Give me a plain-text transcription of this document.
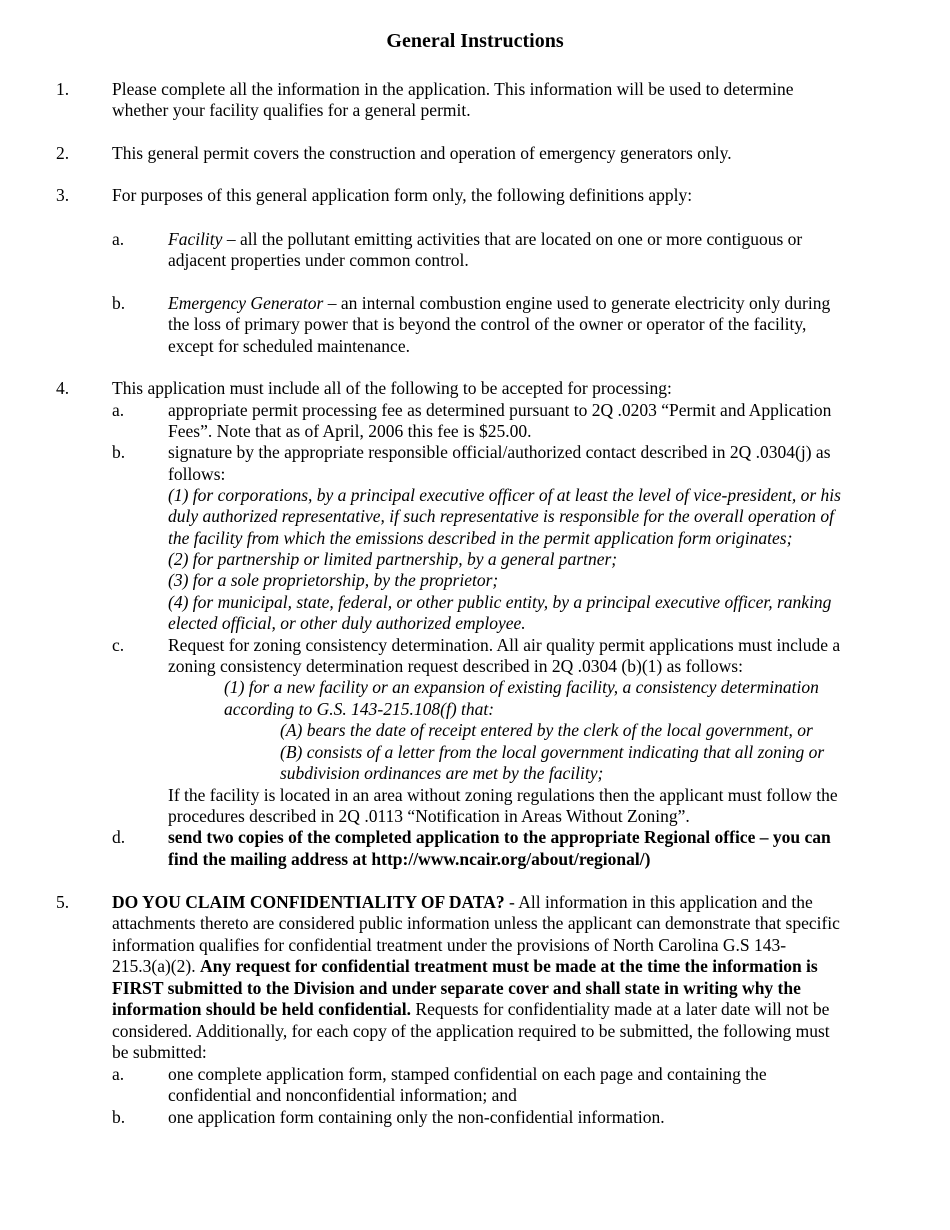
General Instructions
1. Please complete all the information in the application. This information will be used to determine
whether your facility qualifies for a general permit.
2. This general permit covers the construction and operation of emergency generators only.
3. For purposes of this general application form only, the following definitions apply:
a.	Facility – all the pollutant emitting activities that are located on one or more contiguous or
adjacent properties under common control.
b. Emergency Generator – an internal combustion engine used to generate electricity only during
the loss of primary power that is beyond the control of the owner or operator of the facility,
except for scheduled maintenance.
4. This application must include all of the following to be accepted for processing:
a.	appropriate permit processing fee as determined pursuant to 2Q .0203 “Permit and Application
Fees”. Note that as of April, 2006 this fee is $25.00.
b. signature by the appropriate responsible official/authorized contact described in 2Q .0304(j) as
follows:
(1) for corporations, by a principal executive officer of at least the level of vice-president, or his
duly authorized representative, if such representative is responsible for the overall operation of
the facility from which the emissions described in the permit application form originates;
(2) for partnership or limited partnership, by a general partner;
(3) for a sole proprietorship, by the proprietor;
(4) for municipal, state, federal, or other public entity, by a principal executive officer, ranking
elected official, or other duly authorized employee.
c.	Request for zoning consistency determination. All air quality permit applications must include a
zoning consistency determination request described in 2Q .0304 (b)(1) as follows:
(1) for a new facility or an expansion of existing facility, a consistency determination
according to G.S. 143-215.108(f) that:
(A) bears the date of receipt entered by the clerk of the local government, or
(B) consists of a letter from the local government indicating that all zoning or
subdivision ordinances are met by the facility;
If the facility is located in an area without zoning regulations then the applicant must follow the
procedures described in 2Q .0113 “Notification in Areas Without Zoning”.
d. send two copies of the completed application to the appropriate Regional office – you can
find the mailing address at http://www.ncair.org/about/regional/)
5. DO YOU CLAIM CONFIDENTIALITY OF DATA? - All information in this application and the
attachments thereto are considered public information unless the applicant can demonstrate that specific
information qualifies for confidential treatment under the provisions of North Carolina G.S 143-
215.3(a)(2). Any request for confidential treatment must be made at the time the information is
FIRST submitted to the Division and under separate cover and shall state in writing why the
information should be held confidential. Requests for confidentiality made at a later date will not be
considered. Additionally, for each copy of the application required to be submitted, the following must
be submitted:
a.	one complete application form, stamped confidential on each page and containing the
confidential and nonconfidential information; and
b. one application form containing only the non-confidential information.
